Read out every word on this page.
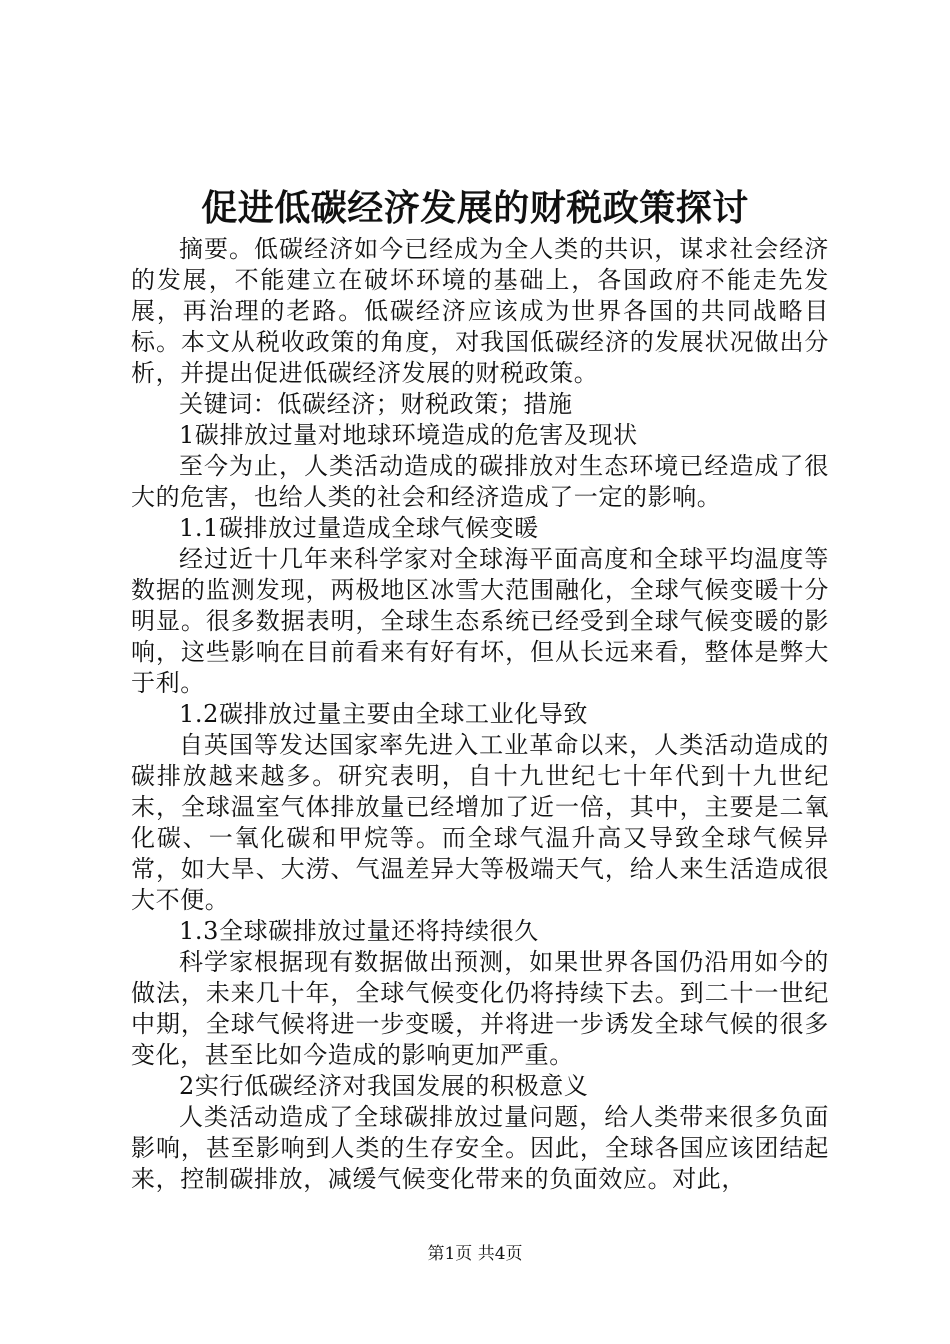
促进低碳经济发展的财税政策探讨

摘要。低碳经济如今已经成为全人类的共识，谋求社会经济的发展，不能建立在破坏环境的基础上，各国政府不能走先发展，再治理的老路。低碳经济应该成为世界各国的共同战略目标。本文从税收政策的角度，对我国低碳经济的发展状况做出分析，并提出促进低碳经济发展的财税政策。

关键词：低碳经济；财税政策；措施

1碳排放过量对地球环境造成的危害及现状

至今为止，人类活动造成的碳排放对生态环境已经造成了很大的危害，也给人类的社会和经济造成了一定的影响。

1.1碳排放过量造成全球气候变暖

经过近十几年来科学家对全球海平面高度和全球平均温度等数据的监测发现，两极地区冰雪大范围融化，全球气候变暖十分明显。很多数据表明，全球生态系统已经受到全球气候变暖的影响，这些影响在目前看来有好有坏，但从长远来看，整体是弊大于利。

1.2碳排放过量主要由全球工业化导致

自英国等发达国家率先进入工业革命以来，人类活动造成的碳排放越来越多。研究表明，自十九世纪七十年代到十九世纪末，全球温室气体排放量已经增加了近一倍，其中，主要是二氧化碳、一氧化碳和甲烷等。而全球气温升高又导致全球气候异常，如大旱、大涝、气温差异大等极端天气，给人来生活造成很大不便。

1.3全球碳排放过量还将持续很久

科学家根据现有数据做出预测，如果世界各国仍沿用如今的做法，未来几十年，全球气候变化仍将持续下去。到二十一世纪中期，全球气候将进一步变暖，并将进一步诱发全球气候的很多变化，甚至比如今造成的影响更加严重。

2实行低碳经济对我国发展的积极意义

人类活动造成了全球碳排放过量问题，给人类带来很多负面影响，甚至影响到人类的生存安全。因此，全球各国应该团结起来，控制碳排放，减缓气候变化带来的负面效应。对此，

第1页 共4页
